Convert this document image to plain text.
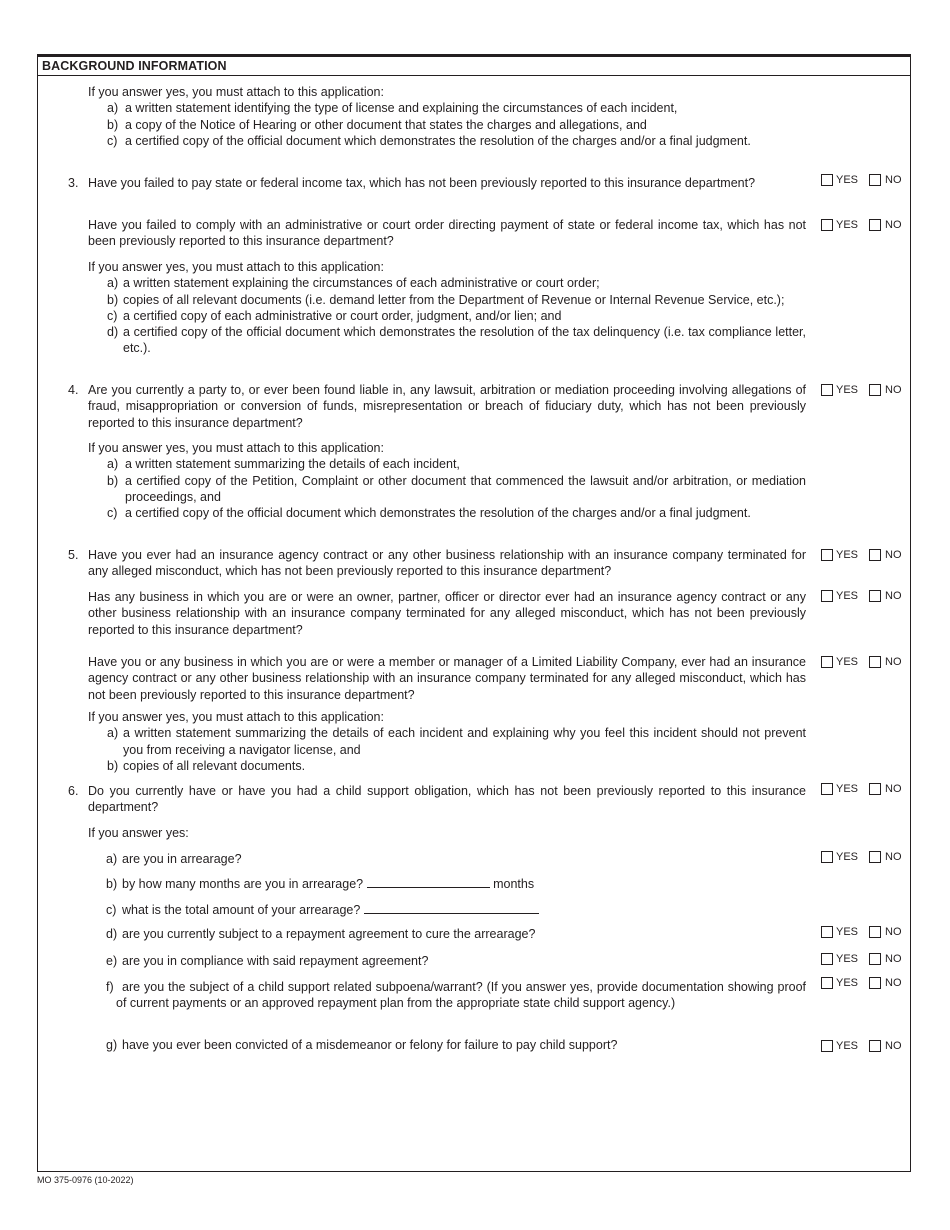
BACKGROUND INFORMATION
If you answer yes, you must attach to this application:
a) a written statement identifying the type of license and explaining the circumstances of each incident,
b) a copy of the Notice of Hearing or other document that states the charges and allegations, and
c) a certified copy of the official document which demonstrates the resolution of the charges and/or a final judgment.
3. Have you failed to pay state or federal income tax, which has not been previously reported to this insurance department?	YES NO
Have you failed to comply with an administrative or court order directing payment of state or federal income tax, which has not been previously reported to this insurance department?
YES NO
If you answer yes, you must attach to this application:
a) a written statement explaining the circumstances of each administrative or court order;
b) copies of all relevant documents (i.e. demand letter from the Department of Revenue or Internal Revenue Service, etc.);
c) a certified copy of each administrative or court order, judgment, and/or lien; and
d) a certified copy of the official document which demonstrates the resolution of the tax delinquency (i.e. tax compliance letter, etc.).
4. Are you currently a party to, or ever been found liable in, any lawsuit, arbitration or mediation proceeding involving allegations of fraud, misappropriation or conversion of funds, misrepresentation or breach of fiduciary duty, which has not been previously reported to this insurance department?
YES NO
If you answer yes, you must attach to this application:
a) a written statement summarizing the details of each incident,
b) a certified copy of the Petition, Complaint or other document that commenced the lawsuit and/or arbitration, or mediation proceedings, and
c) a certified copy of the official document which demonstrates the resolution of the charges and/or a final judgment.
5. Have you ever had an insurance agency contract or any other business relationship with an insurance company terminated for any alleged misconduct, which has not been previously reported to this insurance department?
YES NO
Has any business in which you are or were an owner, partner, officer or director ever had an insurance agency contract or any other business relationship with an insurance company terminated for any alleged misconduct, which has not been previously reported to this insurance department?
YES NO
Have you or any business in which you are or were a member or manager of a Limited Liability Company, ever had an insurance agency contract or any other business relationship with an insurance company terminated for any alleged misconduct, which has not been previously reported to this insurance department?
YES NO
If you answer yes, you must attach to this application:
a) a written statement summarizing the details of each incident and explaining why you feel this incident should not prevent you from receiving a navigator license, and
b) copies of all relevant documents.
6. Do you currently have or have you had a child support obligation, which has not been previously reported to this insurance department?
YES NO
If you answer yes:
a) are you in arrearage?	YES NO
b) by how many months are you in arrearage?	months
c) what is the total amount of your arrearage?
d) are you currently subject to a repayment agreement to cure the arrearage?	YES NO
e) are you in compliance with said repayment agreement?	YES NO
f) are you the subject of a child support related subpoena/warrant? (If you answer yes, provide documentation showing proof of current payments or an approved repayment plan from the appropriate state child support agency.)
YES NO
g) have you ever been convicted of a misdemeanor or felony for failure to pay child support?	YES NO
MO 375-0976 (10-2022)
